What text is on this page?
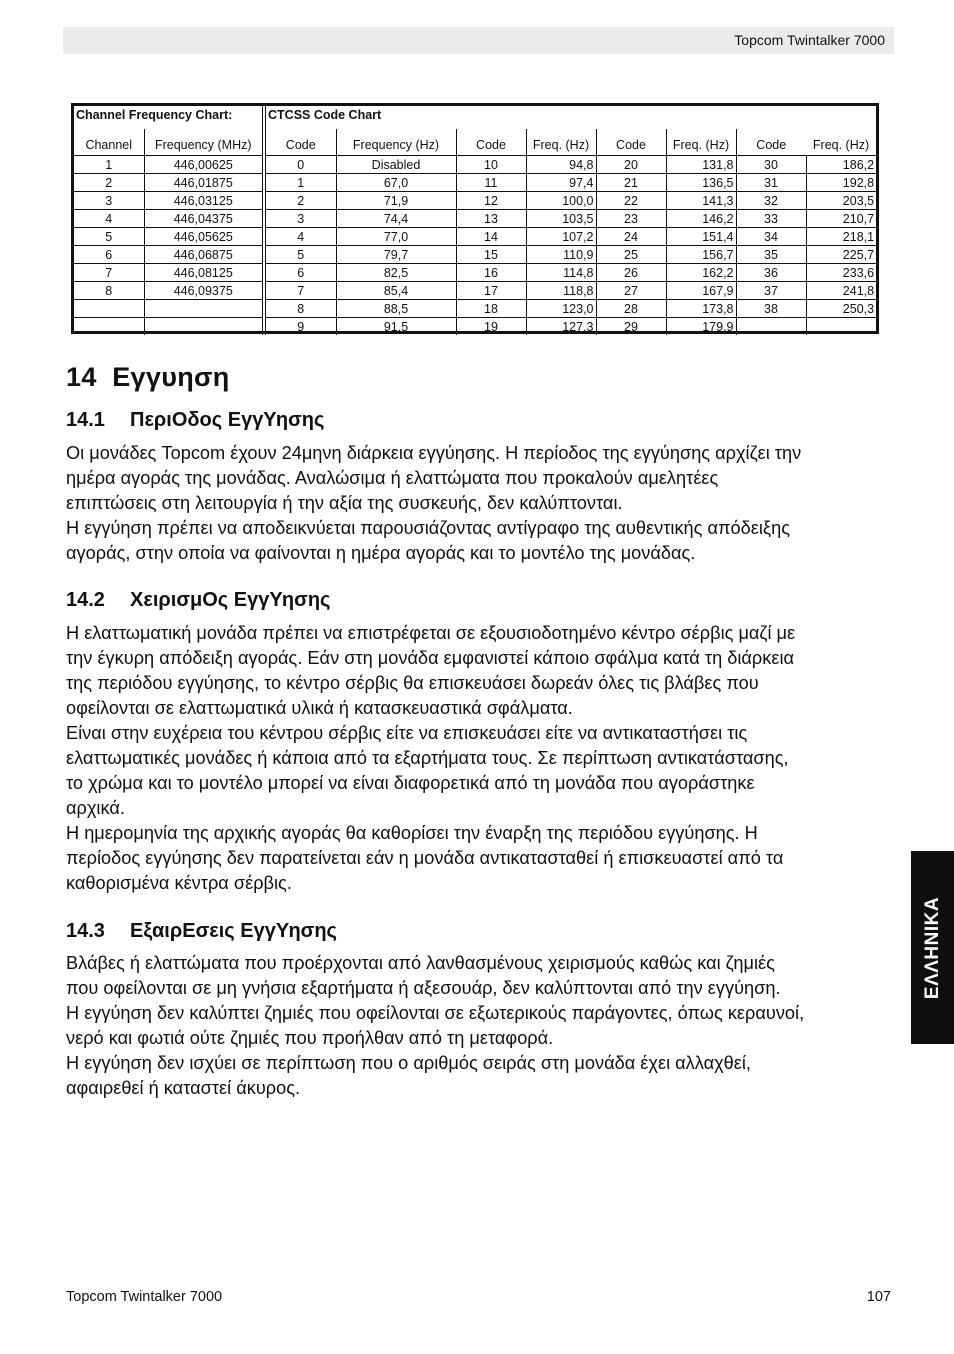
Topcom Twintalker 7000
Channel Frequency Chart:		CTCSS Code Chart							
Channel	Frequency (MHz)	Code	Frequency (Hz)	Code	Freq. (Hz)	Code	Freq. (Hz)	Code	Freq. (Hz)
1	446,00625	0	Disabled	10	94,8	20	131,8	30	186,2
2	446,01875	1	67,0	11	97,4	21	136,5	31	192,8
3	446,03125	2	71,9	12	100,0	22	141,3	32	203,5
4	446,04375	3	74,4	13	103,5	23	146,2	33	210,7
5	446,05625	4	77,0	14	107,2	24	151,4	34	218,1
6	446,06875	5	79,7	15	110,9	25	156,7	35	225,7
7	446,08125	6	82,5	16	114,8	26	162,2	36	233,6
8	446,09375	7	85,4	17	118,8	27	167,9	37	241,8
		8	88,5	18	123,0	28	173,8	38	250,3
		9	91,5	19	127,3	29	179,9		
14 Εγγυηση
14.1 ΠεριΟδος ΕγγΥησης
Οι μονάδες Topcom έχουν 24μηνη διάρκεια εγγύησης. Η περίοδος της εγγύησης αρχίζει την
ημέρα αγοράς της μονάδας. Αναλώσιμα ή ελαττώματα που προκαλούν αμελητέες
επιπτώσεις στη λειτουργία ή την αξία της συσκευής, δεν καλύπτονται.
Η εγγύηση πρέπει να αποδεικνύεται παρουσιάζοντας αντίγραφο της αυθεντικής απόδειξης
αγοράς, στην οποία να φαίνονται η ημέρα αγοράς και το μοντέλο της μονάδας.
14.2 ΧειρισμΟς ΕγγΥησης
Η ελαττωματική μονάδα πρέπει να επιστρέφεται σε εξουσιοδοτημένο κέντρο σέρβις μαζί με
την έγκυρη απόδειξη αγοράς. Εάν στη μονάδα εμφανιστεί κάποιο σφάλμα κατά τη διάρκεια
της περιόδου εγγύησης, το κέντρο σέρβις θα επισκευάσει δωρεάν όλες τις βλάβες που
οφείλονται σε ελαττωματικά υλικά ή κατασκευαστικά σφάλματα.
Είναι στην ευχέρεια του κέντρου σέρβις είτε να επισκευάσει είτε να αντικαταστήσει τις
ελαττωματικές μονάδες ή κάποια από τα εξαρτήματα τους. Σε περίπτωση αντικατάστασης,
το χρώμα και το μοντέλο μπορεί να είναι διαφορετικά από τη μονάδα που αγοράστηκε
αρχικά.
Η ημερομηνία της αρχικής αγοράς θα καθορίσει την έναρξη της περιόδου εγγύησης. Η
περίοδος εγγύησης δεν παρατείνεται εάν η μονάδα αντικατασταθεί ή επισκευαστεί από τα
καθορισμένα κέντρα σέρβις.
14.3 ΕξαιρΕσεις ΕγγΥησης
Βλάβες ή ελαττώματα που προέρχονται από λανθασμένους χειρισμούς καθώς και ζημιές
που οφείλονται σε μη γνήσια εξαρτήματα ή αξεσουάρ, δεν καλύπτονται από την εγγύηση.
Η εγγύηση δεν καλύπτει ζημιές που οφείλονται σε εξωτερικούς παράγοντες, όπως κεραυνοί,
νερό και φωτιά ούτε ζημιές που προήλθαν από τη μεταφορά.
Η εγγύηση δεν ισχύει σε περίπτωση που ο αριθμός σειράς στη μονάδα έχει αλλαχθεί,
αφαιρεθεί ή καταστεί άκυρος.
ΕΛΛΗΝΙΚΑ
Topcom Twintalker 7000	107
